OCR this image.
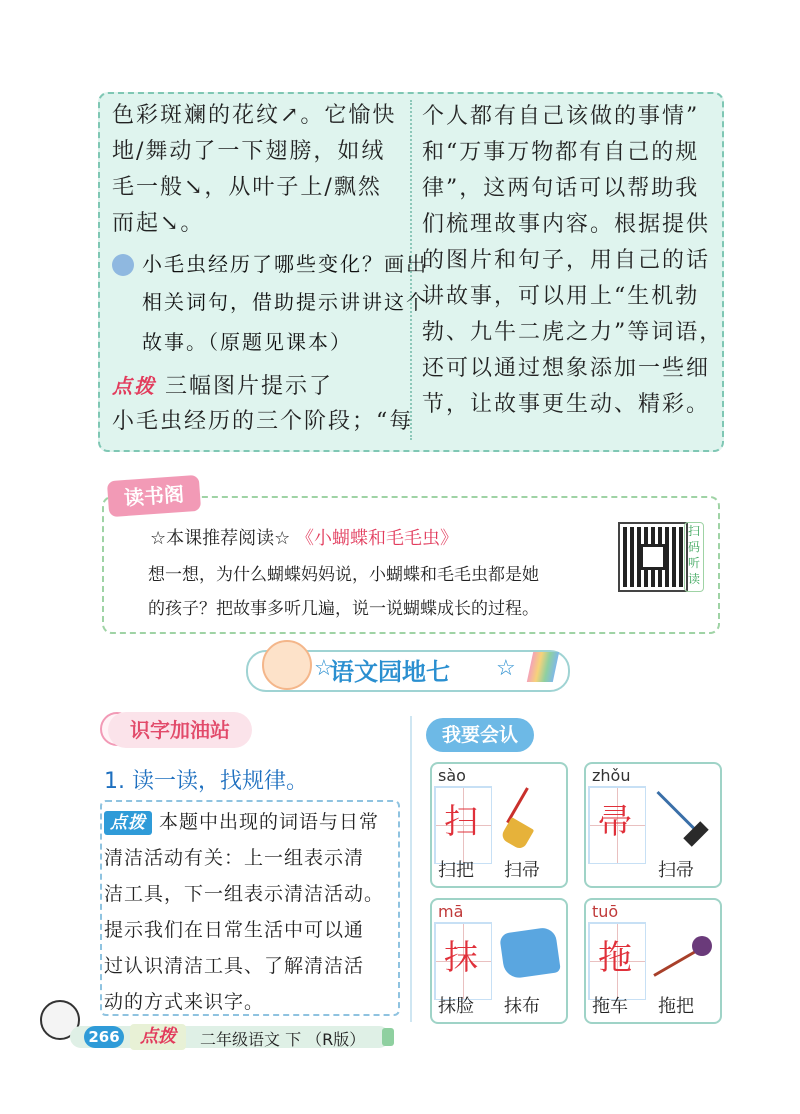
色彩斑斓的花纹↗。它愉快
地/舞动了一下翅膀，如绒
毛一般↘，从叶子上/飘然
而起↘。
小毛虫经历了哪些变化？画出
相关词句，借助提示讲讲这个
故事。（原题见课本）
点拨 三幅图片提示了
小毛虫经历的三个阶段；“每
个人都有自己该做的事情”
和“万事万物都有自己的规
律”，这两句话可以帮助我
们梳理故事内容。根据提供
的图片和句子，用自己的话
讲故事，可以用上“生机勃
勃、九牛二虎之力”等词语，
还可以通过想象添加一些细
节，让故事更生动、精彩。
读书阁
☆本课推荐阅读☆ 《小蝴蝶和毛毛虫》
想一想，为什么蝴蝶妈妈说，小蝴蝶和毛毛虫都是她
的孩子？把故事多听几遍，说一说蝴蝶成长的过程。
扫码听读
☆
语文园地七 ☆
识字加油站
1. 读一读，找规律。
点拨 本题中出现的词语与日常
清洁活动有关：上一组表示清
洁工具，下一组表示清洁活动。
提示我们在日常生活中可以通
过认识清洁工具、了解清洁活
动的方式来识字。
我要会认
sào
扫
扫把 扫帚
zhǒu
帚
扫帚
mā
抹
抹脸 抹布
tuō
拖
拖车 拖把
266	点拨	二年级语文 下 （R版）
